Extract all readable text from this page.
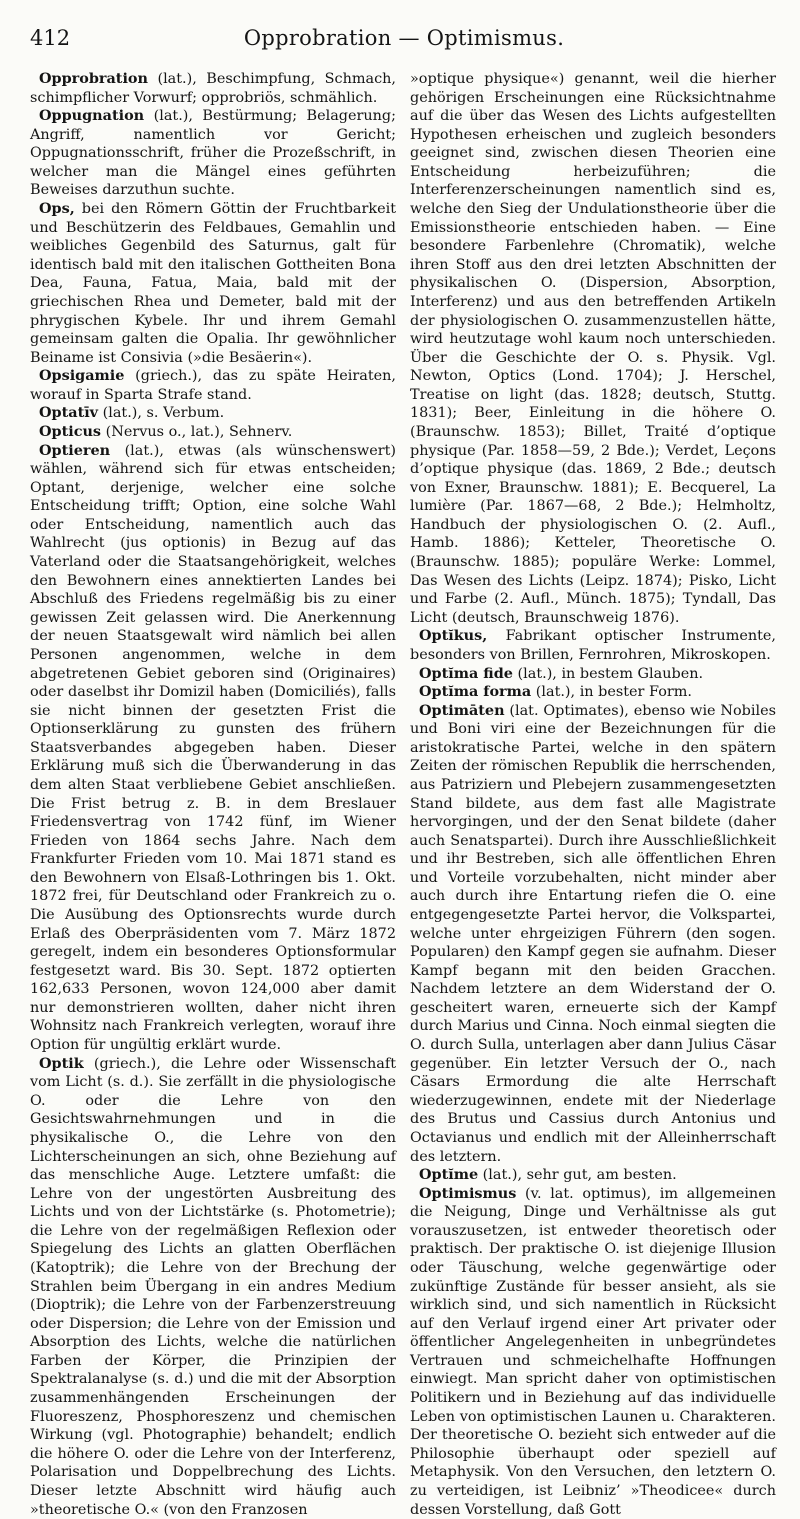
412	Opprobration — Optimismus.

Opprobration (lat.), Beschimpfung, Schmach, schimpflicher Vorwurf; opprobriös, schmählich.

Oppugnation (lat.), Bestürmung; Belagerung; Angriff, namentlich vor Gericht; Oppugnationsschrift, früher die Prozeßschrift, in welcher man die Mängel eines geführten Beweises darzuthun suchte.

Ops, bei den Römern Göttin der Fruchtbarkeit und Beschützerin des Feldbaues, Gemahlin und weibliches Gegenbild des Saturnus, galt für identisch bald mit den italischen Gottheiten Bona Dea, Fauna, Fatua, Maia, bald mit der griechischen Rhea und Demeter, bald mit der phrygischen Kybele. Ihr und ihrem Gemahl gemeinsam galten die Opalia. Ihr gewöhnlicher Beiname ist Consivia (»die Besäerin«).

Opsigamie (griech.), das zu späte Heiraten, worauf in Sparta Strafe stand.

Optatīv (lat.), s. Verbum.

Opticus (Nervus o., lat.), Sehnerv.

Optieren (lat.), etwas (als wünschenswert) wählen, während sich für etwas entscheiden; Optant, derjenige, welcher eine solche Entscheidung trifft; Option, eine solche Wahl oder Entscheidung, namentlich auch das Wahlrecht (jus optionis) in Bezug auf das Vaterland oder die Staatsangehörigkeit, welches den Bewohnern eines annektierten Landes bei Abschluß des Friedens regelmäßig bis zu einer gewissen Zeit gelassen wird. Die Anerkennung der neuen Staatsgewalt wird nämlich bei allen Personen angenommen, welche in dem abgetretenen Gebiet geboren sind (Originaires) oder daselbst ihr Domizil haben (Domiciliés), falls sie nicht binnen der gesetzten Frist die Optionserklärung zu gunsten des frühern Staatsverbandes abgegeben haben. Dieser Erklärung muß sich die Überwanderung in das dem alten Staat verbliebene Gebiet anschließen. Die Frist betrug z. B. in dem Breslauer Friedensvertrag von 1742 fünf, im Wiener Frieden von 1864 sechs Jahre. Nach dem Frankfurter Frieden vom 10. Mai 1871 stand es den Bewohnern von Elsaß-Lothringen bis 1. Okt. 1872 frei, für Deutschland oder Frankreich zu o. Die Ausübung des Optionsrechts wurde durch Erlaß des Oberpräsidenten vom 7. März 1872 geregelt, indem ein besonderes Optionsformular festgesetzt ward. Bis 30. Sept. 1872 optierten 162,633 Personen, wovon 124,000 aber damit nur demonstrieren wollten, daher nicht ihren Wohnsitz nach Frankreich verlegten, worauf ihre Option für ungültig erklärt wurde.

Optik (griech.), die Lehre oder Wissenschaft vom Licht (s. d.). Sie zerfällt in die physiologische O. oder die Lehre von den Gesichtswahrnehmungen und in die physikalische O., die Lehre von den Lichterscheinungen an sich, ohne Beziehung auf das menschliche Auge. Letztere umfaßt: die Lehre von der ungestörten Ausbreitung des Lichts und von der Lichtstärke (s. Photometrie); die Lehre von der regelmäßigen Reflexion oder Spiegelung des Lichts an glatten Oberflächen (Katoptrik); die Lehre von der Brechung der Strahlen beim Übergang in ein andres Medium (Dioptrik); die Lehre von der Farbenzerstreuung oder Dispersion; die Lehre von der Emission und Absorption des Lichts, welche die natürlichen Farben der Körper, die Prinzipien der Spektralanalyse (s. d.) und die mit der Absorption zusammenhängenden Erscheinungen der Fluoreszenz, Phosphoreszenz und chemischen Wirkung (vgl. Photographie) behandelt; endlich die höhere O. oder die Lehre von der Interferenz, Polarisation und Doppelbrechung des Lichts. Dieser letzte Abschnitt wird häufig auch »theoretische O.« (von den Franzosen

»optique physique«) genannt, weil die hierher gehörigen Erscheinungen eine Rücksichtnahme auf die über das Wesen des Lichts aufgestellten Hypothesen erheischen und zugleich besonders geeignet sind, zwischen diesen Theorien eine Entscheidung herbeizuführen; die Interferenzerscheinungen namentlich sind es, welche den Sieg der Undulationstheorie über die Emissionstheorie entschieden haben. — Eine besondere Farbenlehre (Chromatik), welche ihren Stoff aus den drei letzten Abschnitten der physikalischen O. (Dispersion, Absorption, Interferenz) und aus den betreffenden Artikeln der physiologischen O. zusammenzustellen hätte, wird heutzutage wohl kaum noch unterschieden. Über die Geschichte der O. s. Physik. Vgl. Newton, Optics (Lond. 1704); J. Herschel, Treatise on light (das. 1828; deutsch, Stuttg. 1831); Beer, Einleitung in die höhere O. (Braunschw. 1853); Billet, Traité d’optique physique (Par. 1858—59, 2 Bde.); Verdet, Leçons d’optique physique (das. 1869, 2 Bde.; deutsch von Exner, Braunschw. 1881); E. Becquerel, La lumière (Par. 1867—68, 2 Bde.); Helmholtz, Handbuch der physiologischen O. (2. Aufl., Hamb. 1886); Ketteler, Theoretische O. (Braunschw. 1885); populäre Werke: Lommel, Das Wesen des Lichts (Leipz. 1874); Pisko, Licht und Farbe (2. Aufl., Münch. 1875); Tyndall, Das Licht (deutsch, Braunschweig 1876).

Optĭkus, Fabrikant optischer Instrumente, besonders von Brillen, Fernrohren, Mikroskopen.

Optĭma fide (lat.), in bestem Glauben.

Optĭma forma (lat.), in bester Form.

Optimāten (lat. Optimates), ebenso wie Nobiles und Boni viri eine der Bezeichnungen für die aristokratische Partei, welche in den spätern Zeiten der römischen Republik die herrschenden, aus Patriziern und Plebejern zusammengesetzten Stand bildete, aus dem fast alle Magistrate hervorgingen, und der den Senat bildete (daher auch Senatspartei). Durch ihre Ausschließlichkeit und ihr Bestreben, sich alle öffentlichen Ehren und Vorteile vorzubehalten, nicht minder aber auch durch ihre Entartung riefen die O. eine entgegengesetzte Partei hervor, die Volkspartei, welche unter ehrgeizigen Führern (den sogen. Popularen) den Kampf gegen sie aufnahm. Dieser Kampf begann mit den beiden Gracchen. Nachdem letztere an dem Widerstand der O. gescheitert waren, erneuerte sich der Kampf durch Marius und Cinna. Noch einmal siegten die O. durch Sulla, unterlagen aber dann Julius Cäsar gegenüber. Ein letzter Versuch der O., nach Cäsars Ermordung die alte Herrschaft wiederzugewinnen, endete mit der Niederlage des Brutus und Cassius durch Antonius und Octavianus und endlich mit der Alleinherrschaft des letztern.

Optĭme (lat.), sehr gut, am besten.

Optimismus (v. lat. optimus), im allgemeinen die Neigung, Dinge und Verhältnisse als gut vorauszusetzen, ist entweder theoretisch oder praktisch. Der praktische O. ist diejenige Illusion oder Täuschung, welche gegenwärtige oder zukünftige Zustände für besser ansieht, als sie wirklich sind, und sich namentlich in Rücksicht auf den Verlauf irgend einer Art privater oder öffentlicher Angelegenheiten in unbegründetes Vertrauen und schmeichelhafte Hoffnungen einwiegt. Man spricht daher von optimistischen Politikern und in Beziehung auf das individuelle Leben von optimistischen Launen u. Charakteren. Der theoretische O. bezieht sich entweder auf die Philosophie überhaupt oder speziell auf Metaphysik. Von den Versuchen, den letztern O. zu verteidigen, ist Leibniz’ »Theodicee« durch dessen Vorstellung, daß Gott
